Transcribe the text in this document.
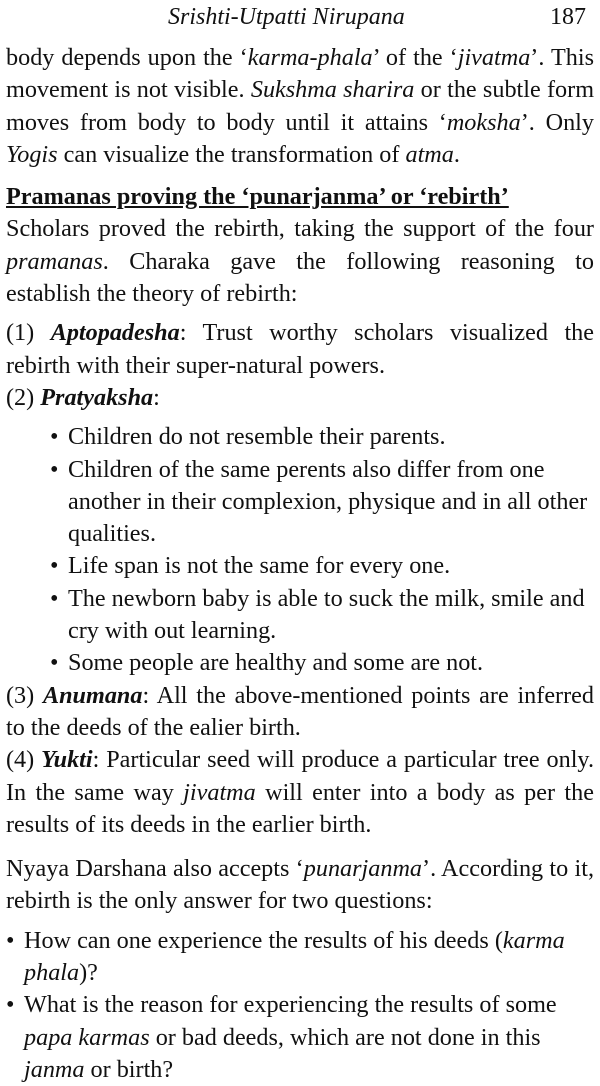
Srishti-Utpatti Nirupana	187

body depends upon the ‘karma-phala’ of the ‘jivatma’. This movement is not visible. Sukshma sharira or the subtle form moves from body to body until it attains ‘moksha’. Only Yogis can visualize the transformation of atma.

Pramanas proving the ‘punarjanma’ or ‘rebirth’

Scholars proved the rebirth, taking the support of the four pramanas. Charaka gave the following reasoning to establish the theory of rebirth:

(1) Aptopadesha: Trust worthy scholars visualized the rebirth with their super-natural powers.

(2) Pratyaksha:

• Children do not resemble their parents.
• Children of the same perents also differ from one another in their complexion, physique and in all other qualities.
• Life span is not the same for every one.
• The newborn baby is able to suck the milk, smile and cry with out learning.
• Some people are healthy and some are not.

(3) Anumana: All the above-mentioned points are inferred to the deeds of the ealier birth.

(4) Yukti: Particular seed will produce a particular tree only. In the same way jivatma will enter into a body as per the results of its deeds in the earlier birth.

Nyaya Darshana also accepts ‘punarjanma’. According to it, rebirth is the only answer for two questions:

• How can one experience the results of his deeds (karma phala)?
• What is the reason for experiencing the results of some papa karmas or bad deeds, which are not done in this janma or birth?
